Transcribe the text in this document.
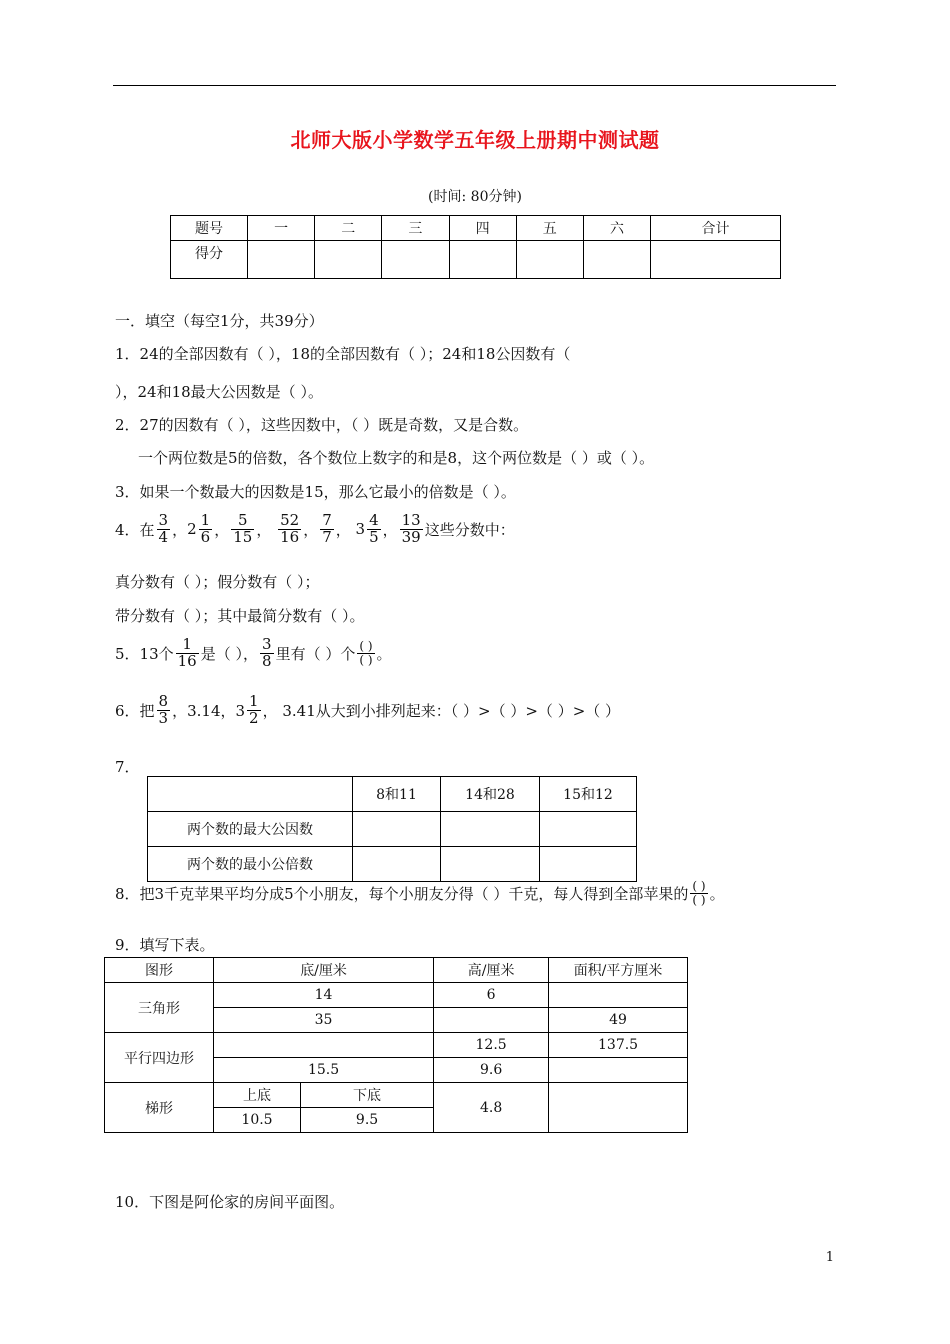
北师大版小学数学五年级上册期中测试题
(时间: 80分钟)
题号	一	二	三	四	五	六	合计
得分							
一．填空（每空1分，共39分）
1．24的全部因数有（ ），18的全部因数有（ ）；24和18公因数有（
），24和18最大公因数是（ ）。
2．27的因数有（ ），这些因数中，（ ）既是奇数，又是合数。
一个两位数是5的倍数，各个数位上数字的和是8，这个两位数是（ ）或（ ）。
3．如果一个数最大的因数是15，那么它最小的倍数是（ ）。
4．在 $\frac{3}{4}$ ， $2 \frac{1}{6}$ ， $\frac{5}{15}$ ， $\frac{52}{16}$ ， $\frac{7}{7}$ ， $3 \frac{4}{5}$ ， $\frac{13}{39}$ 这些分数中：
真分数有（ ）；假分数有（ ）；
带分数有（ ）；其中最简分数有（ ）。
5．13个 $\frac{1}{16}$ 是（ ）， $\frac{3}{8}$ 里有（ ）个 $\frac{( )}{( )}$ 。
6．把 $\frac{8}{3}$ ，3.14，$3 \frac{1}{2}$ ， 3.41从大到小排列起来：（ ）>（ ）>（ ）>（ ）
7．
	8和11	14和28	15和12
两个数的最大公因数			
两个数的最小公倍数			
8．把3千克苹果平均分成5个小朋友，每个小朋友分得（ ）千克，每人得到全部苹果的 $\frac{( )}{( )}$ 。
9．填写下表。
图形	底/厘米		高/厘米	面积/平方厘米
三角形	14		6	
	35			49
平行四边形			12.5	137.5
	15.5		9.6	
梯形	上底	下底	4.8	
	10.5	9.5		
10．下图是阿伦家的房间平面图。
1
